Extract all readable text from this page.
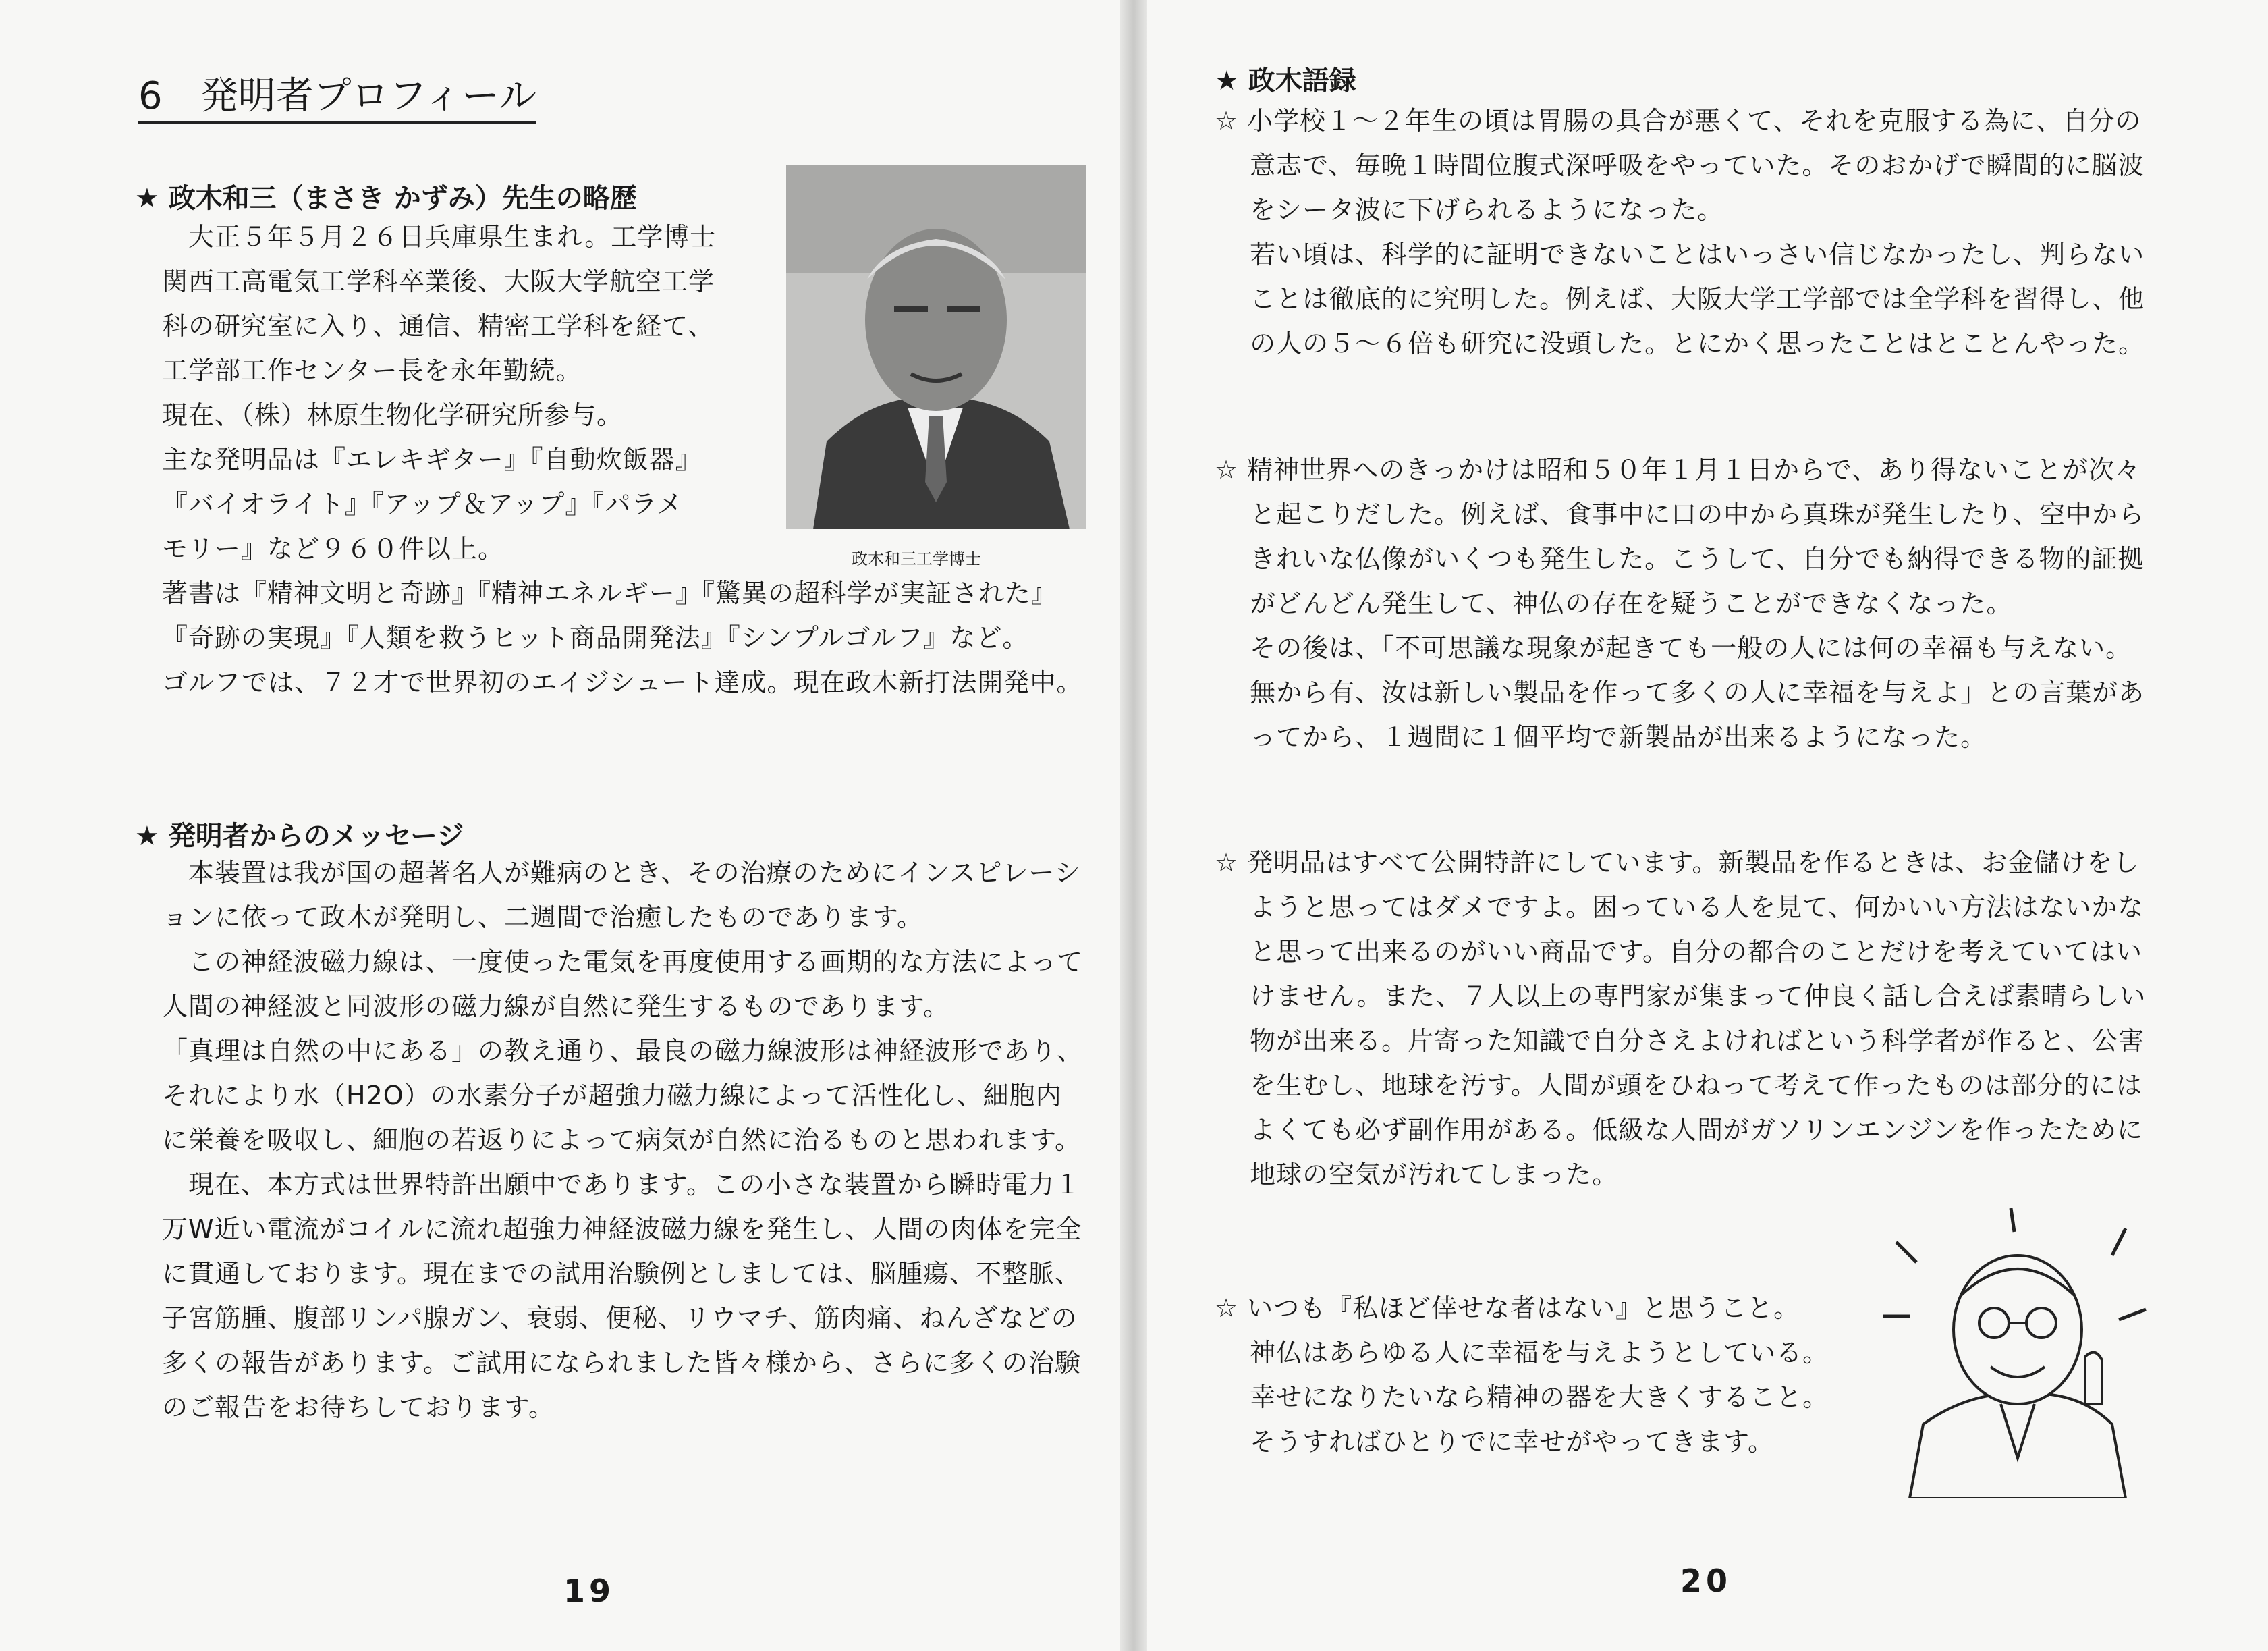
6　発明者プロフィール
★ 政木和三（まさき かずみ）先生の略歴
　大正５年５月２６日兵庫県生まれ。工学博士
関西工高電気工学科卒業後、大阪大学航空工学
科の研究室に入り、通信、精密工学科を経て、
工学部工作センター長を永年勤続。
現在、（株）林原生物化学研究所参与。
主な発明品は『エレキギター』『自動炊飯器』
『バイオライト』『アップ＆アップ』『パラメ
モリー』など９６０件以上。
著書は『精神文明と奇跡』『精神エネルギー』『驚異の超科学が実証された』
『奇跡の実現』『人類を救うヒット商品開発法』『シンプルゴルフ』など。
ゴルフでは、７２才で世界初のエイジシュート達成。現在政木新打法開発中。
政木和三工学博士
★ 発明者からのメッセージ
　本装置は我が国の超著名人が難病のとき、その治療のためにインスピレーシ
ョンに依って政木が発明し、二週間で治癒したものであります。
　この神経波磁力線は、一度使った電気を再度使用する画期的な方法によって
人間の神経波と同波形の磁力線が自然に発生するものであります。
「真理は自然の中にある」の教え通り、最良の磁力線波形は神経波形であり、
それにより水（H2O）の水素分子が超強力磁力線によって活性化し、細胞内
に栄養を吸収し、細胞の若返りによって病気が自然に治るものと思われます。
　現在、本方式は世界特許出願中であります。この小さな装置から瞬時電力１
万W近い電流がコイルに流れ超強力神経波磁力線を発生し、人間の肉体を完全
に貫通しております。現在までの試用治験例としましては、脳腫瘍、不整脈、
子宮筋腫、腹部リンパ腺ガン、衰弱、便秘、リウマチ、筋肉痛、ねんざなどの
多くの報告があります。ご試用になられました皆々様から、さらに多くの治験
のご報告をお待ちしております。
19
★ 政木語録
☆ 小学校１～２年生の頃は胃腸の具合が悪くて、それを克服する為に、自分の
　 意志で、毎晩１時間位腹式深呼吸をやっていた。そのおかげで瞬間的に脳波
　 をシータ波に下げられるようになった。
　 若い頃は、科学的に証明できないことはいっさい信じなかったし、判らない
　 ことは徹底的に究明した。例えば、大阪大学工学部では全学科を習得し、他
　 の人の５～６倍も研究に没頭した。とにかく思ったことはとことんやった。
☆ 精神世界へのきっかけは昭和５０年１月１日からで、あり得ないことが次々
　 と起こりだした。例えば、食事中に口の中から真珠が発生したり、空中から
　 きれいな仏像がいくつも発生した。こうして、自分でも納得できる物的証拠
　 がどんどん発生して、神仏の存在を疑うことができなくなった。
　 その後は、「不可思議な現象が起きても一般の人には何の幸福も与えない。
　 無から有、汝は新しい製品を作って多くの人に幸福を与えよ」との言葉があ
　 ってから、１週間に１個平均で新製品が出来るようになった。
☆ 発明品はすべて公開特許にしています。新製品を作るときは、お金儲けをし
　 ようと思ってはダメですよ。困っている人を見て、何かいい方法はないかな
　 と思って出来るのがいい商品です。自分の都合のことだけを考えていてはい
　 けません。また、７人以上の専門家が集まって仲良く話し合えば素晴らしい
　 物が出来る。片寄った知識で自分さえよければという科学者が作ると、公害
　 を生むし、地球を汚す。人間が頭をひねって考えて作ったものは部分的には
　 よくても必ず副作用がある。低級な人間がガソリンエンジンを作ったために
　 地球の空気が汚れてしまった。
☆ いつも『私ほど倖せな者はない』と思うこと。
　 神仏はあらゆる人に幸福を与えようとしている。
　 幸せになりたいなら精神の器を大きくすること。
　 そうすればひとりでに幸せがやってきます。
20
